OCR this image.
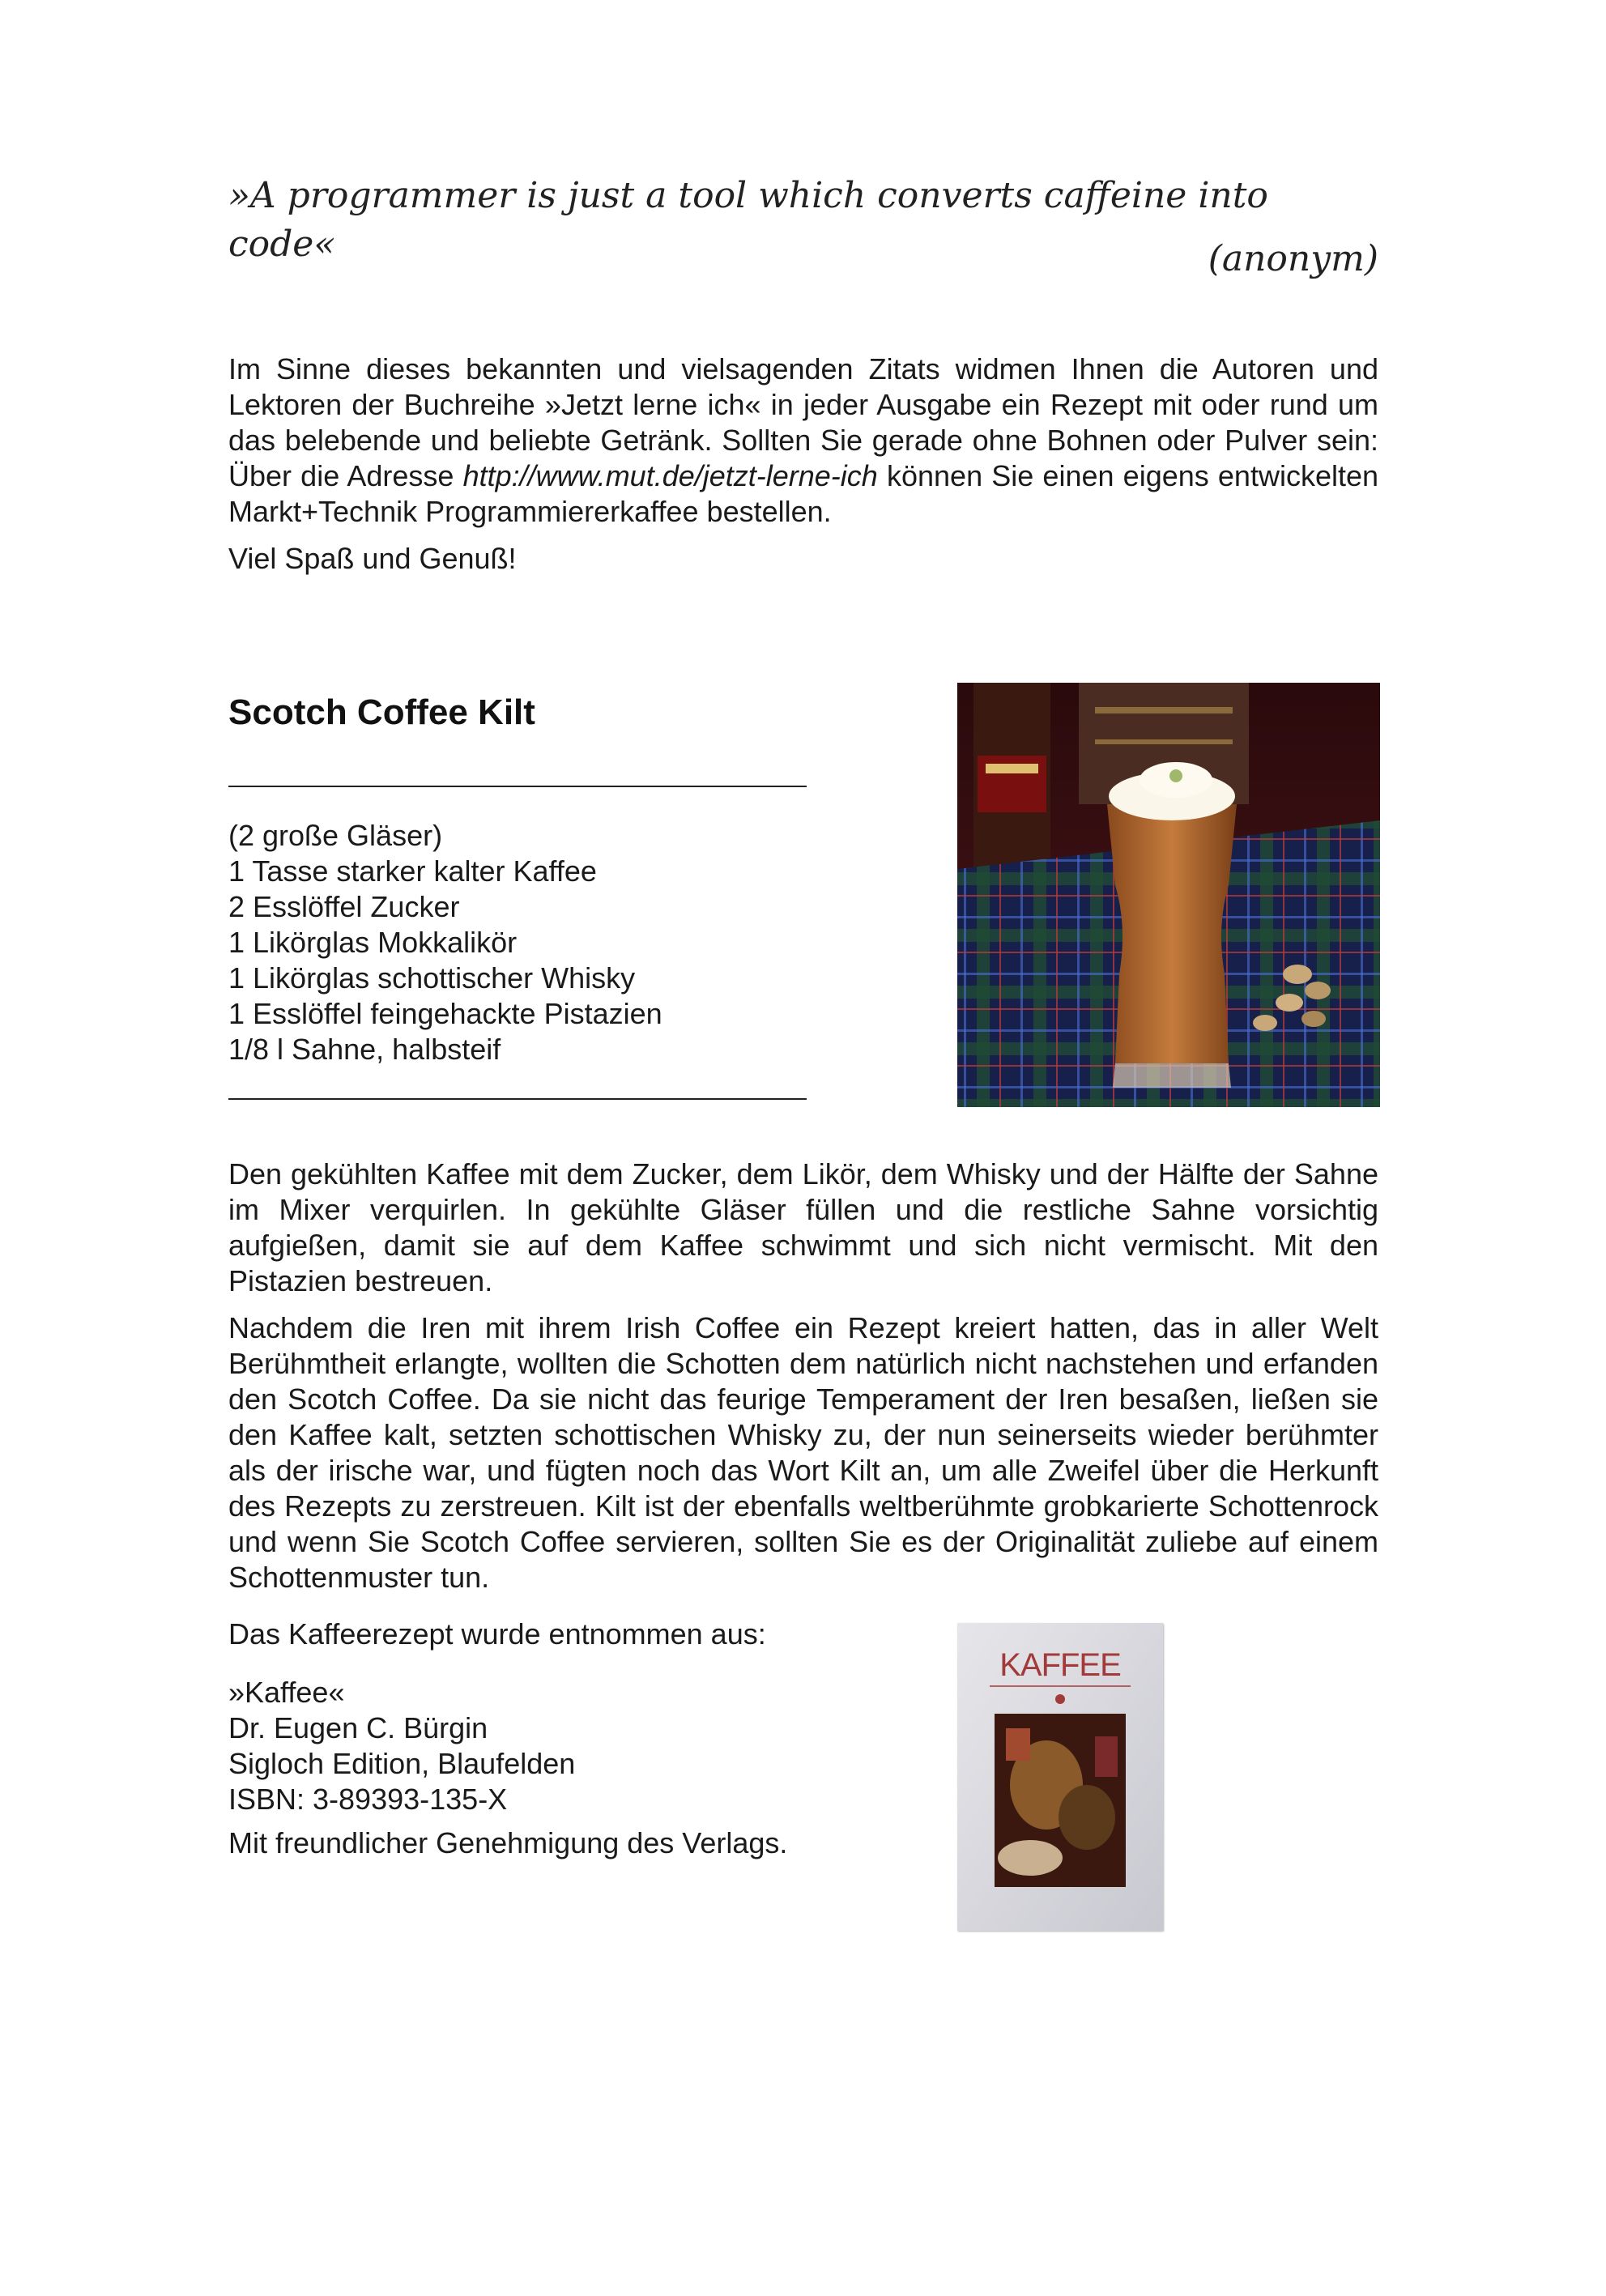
»A programmer is just a tool which converts caffeine into code«	(anonym)

Im Sinne dieses bekannten und vielsagenden Zitats widmen Ihnen die Autoren und Lektoren der Buchreihe »Jetzt lerne ich« in jeder Ausgabe ein Rezept mit oder rund um das belebende und beliebte Getränk. Sollten Sie gerade ohne Bohnen oder Pulver sein: Über die Adresse http://www.mut.de/jetzt-lerne-ich können Sie einen eigens entwickelten Markt+Technik Programmiererkaffee bestellen.

Viel Spaß und Genuß!

Scotch Coffee Kilt
(2 große Gläser)
1 Tasse starker kalter Kaffee
2 Esslöffel Zucker
1 Likörglas Mokkalikör
1 Likörglas schottischer Whisky
1 Esslöffel feingehackte Pistazien
1/8 l Sahne, halbsteif

Den gekühlten Kaffee mit dem Zucker, dem Likör, dem Whisky und der Hälfte der Sahne im Mixer verquirlen. In gekühlte Gläser füllen und die restliche Sahne vorsichtig aufgießen, damit sie auf dem Kaffee schwimmt und sich nicht vermischt. Mit den Pistazien bestreuen.

Nachdem die Iren mit ihrem Irish Coffee ein Rezept kreiert hatten, das in aller Welt Berühmtheit erlangte, wollten die Schotten dem natürlich nicht nachstehen und erfanden den Scotch Coffee. Da sie nicht das feurige Temperament der Iren besaßen, ließen sie den Kaffee kalt, setzten schottischen Whisky zu, der nun seinerseits wieder berühmter als der irische war, und fügten noch das Wort Kilt an, um alle Zweifel über die Herkunft des Rezepts zu zerstreuen. Kilt ist der ebenfalls weltberühmte grobkarierte Schottenrock und wenn Sie Scotch Coffee servieren, sollten Sie es der Originalität zuliebe auf einem Schottenmuster tun.

Das Kaffeerezept wurde entnommen aus:
»Kaffee«
Dr. Eugen C. Bürgin
Sigloch Edition, Blaufelden
ISBN: 3-89393-135-X
Mit freundlicher Genehmigung des Verlags.
KAFFEE
